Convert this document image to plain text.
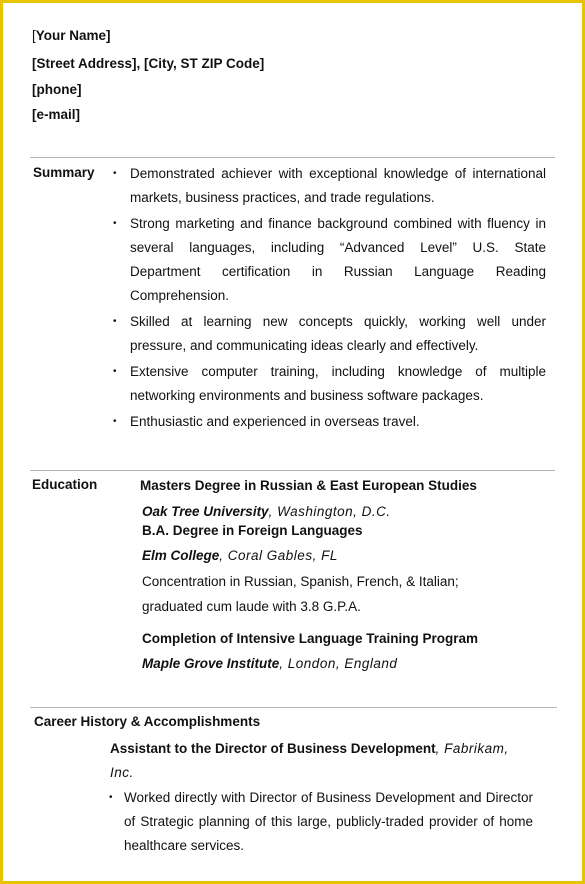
[Your Name]
[Street Address], [City, ST ZIP Code]
[phone]
[e-mail]
Summary
•	Demonstrated achiever with exceptional knowledge of international markets, business practices, and trade regulations.
• Strong marketing and finance background combined with fluency in several languages, including “Advanced Level” U.S. State Department certification in Russian Language Reading Comprehension.
• Skilled at learning new concepts quickly, working well under pressure, and communicating ideas clearly and effectively.
• Extensive computer training, including knowledge of multiple networking environments and business software packages.
• Enthusiastic and experienced in overseas travel.
Education	Masters Degree in Russian & East European Studies
Oak Tree University, Washington, D.C.
B.A. Degree in Foreign Languages
Elm College, Coral Gables, FL
Concentration in Russian, Spanish, French, & Italian;
graduated cum laude with 3.8 G.P.A.
Completion of Intensive Language Training Program
Maple Grove Institute, London, England
Career History & Accomplishments
Assistant to the Director of Business Development, Fabrikam,
Inc.
• Worked directly with Director of Business Development and Director of Strategic planning of this large, publicly-traded provider of home healthcare services.
